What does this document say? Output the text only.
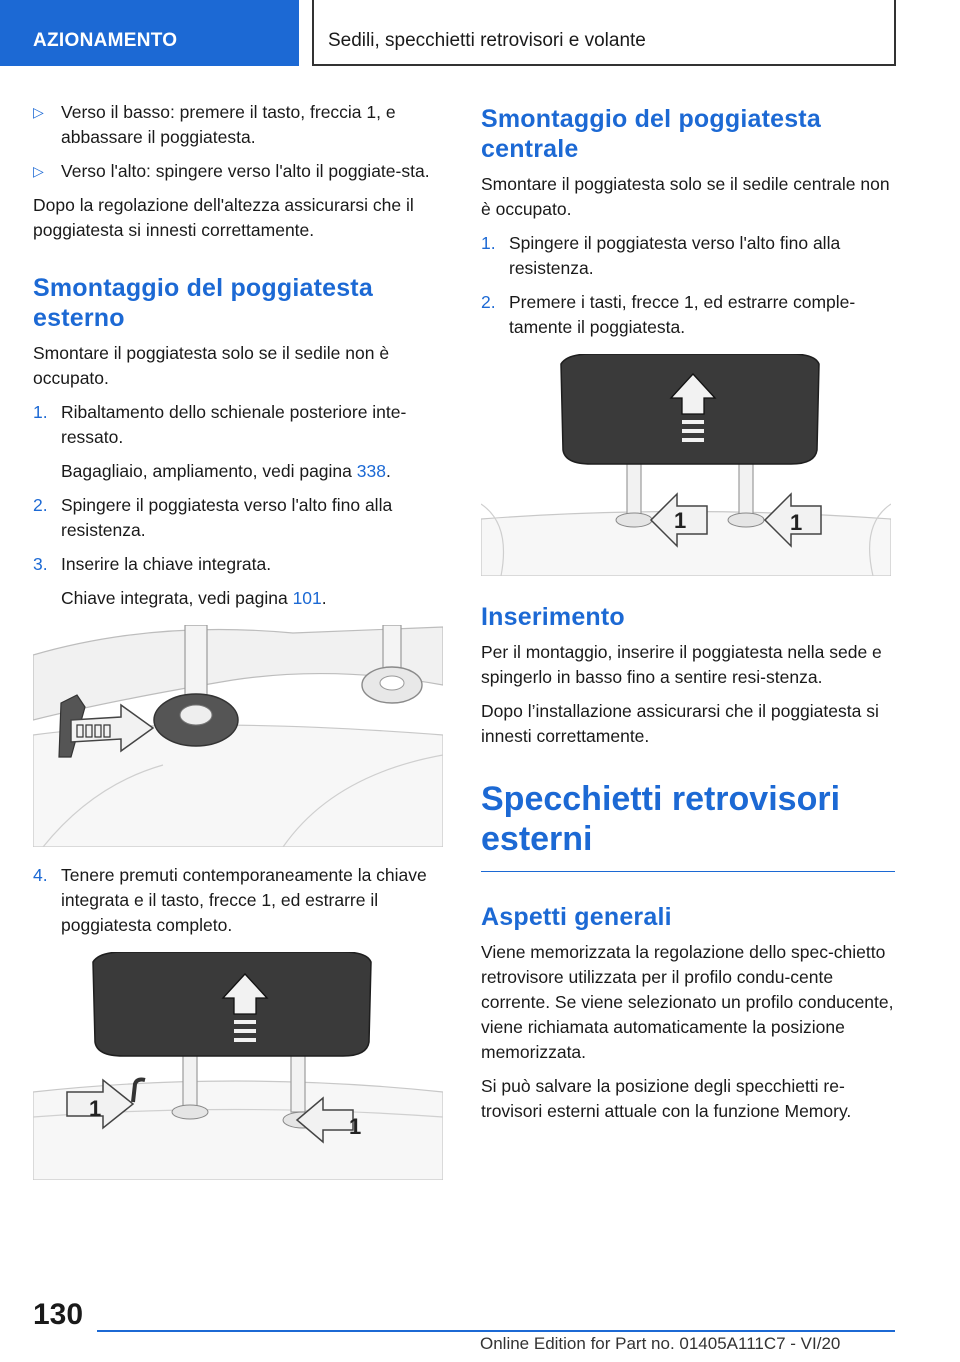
AZIONAMENTO	Sedili, specchietti retrovisori e volante
▷ Verso il basso: premere il tasto, freccia 1, e abbassare il poggiatesta.
▷ Verso l'alto: spingere verso l'alto il poggiate-sta.

Dopo la regolazione dell'altezza assicurarsi che il poggiatesta si innesti correttamente.

Smontaggio del poggiatesta esterno

Smontare il poggiatesta solo se il sedile non è occupato.

1. Ribaltamento dello schienale posteriore inte-ressato.
Bagagliaio, ampliamento, vedi pagina 338.
2. Spingere il poggiatesta verso l'alto fino alla resistenza.
3. Inserire la chiave integrata.
Chiave integrata, vedi pagina 101.
4. Tenere premuti contemporaneamente la chiave integrata e il tasto, frecce 1, ed estrarre il poggiatesta completo.
1
1
Smontaggio del poggiatesta centrale

Smontare il poggiatesta solo se il sedile centrale non è occupato.

1. Spingere il poggiatesta verso l'alto fino alla resistenza.
2. Premere i tasti, frecce 1, ed estrarre comple-tamente il poggiatesta.
1	1
Inserimento

Per il montaggio, inserire il poggiatesta nella sede e spingerlo in basso fino a sentire resi-stenza.

Dopo l’installazione assicurarsi che il poggiatesta si innesti correttamente.

Specchietti retrovisori esterni
Aspetti generali

Viene memorizzata la regolazione dello spec-chietto retrovisore utilizzata per il profilo condu-cente corrente. Se viene selezionato un profilo conducente, viene richiamata automaticamente la posizione memorizzata.

Si può salvare la posizione degli specchietti re-trovisori esterni attuale con la funzione Memory.

130
Online Edition for Part no. 01405A111C7 - VI/20
